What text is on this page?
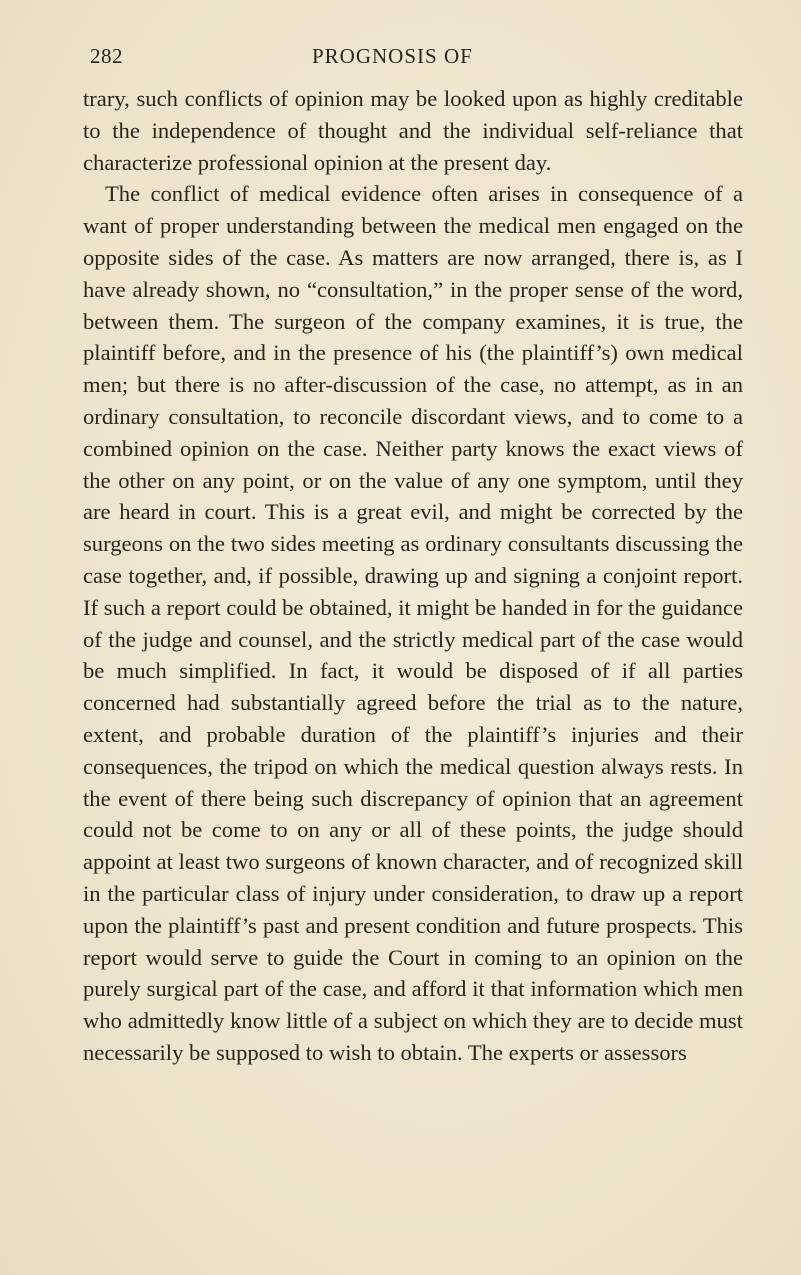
282	PROGNOSIS OF

trary, such conflicts of opinion may be looked upon as highly creditable to the independence of thought and the individual self-reliance that characterize professional opinion at the present day.

The conflict of medical evidence often arises in consequence of a want of proper understanding between the medical men engaged on the opposite sides of the case. As matters are now arranged, there is, as I have already shown, no “consultation,” in the proper sense of the word, between them. The surgeon of the company examines, it is true, the plaintiff before, and in the presence of his (the plaintiff’s) own medical men; but there is no after-discussion of the case, no attempt, as in an ordinary consultation, to reconcile discordant views, and to come to a combined opinion on the case. Neither party knows the exact views of the other on any point, or on the value of any one symptom, until they are heard in court. This is a great evil, and might be corrected by the surgeons on the two sides meeting as ordinary consultants discussing the case together, and, if possible, drawing up and signing a conjoint report. If such a report could be obtained, it might be handed in for the guidance of the judge and counsel, and the strictly medical part of the case would be much simplified. In fact, it would be disposed of if all parties concerned had substantially agreed before the trial as to the nature, extent, and probable duration of the plaintiff’s injuries and their consequences, the tripod on which the medical question always rests. In the event of there being such discrepancy of opinion that an agreement could not be come to on any or all of these points, the judge should appoint at least two surgeons of known character, and of recognized skill in the particular class of injury under consideration, to draw up a report upon the plaintiff’s past and present condition and future prospects. This report would serve to guide the Court in coming to an opinion on the purely surgical part of the case, and afford it that information which men who admittedly know little of a subject on which they are to decide must necessarily be supposed to wish to obtain. The experts or assessors
